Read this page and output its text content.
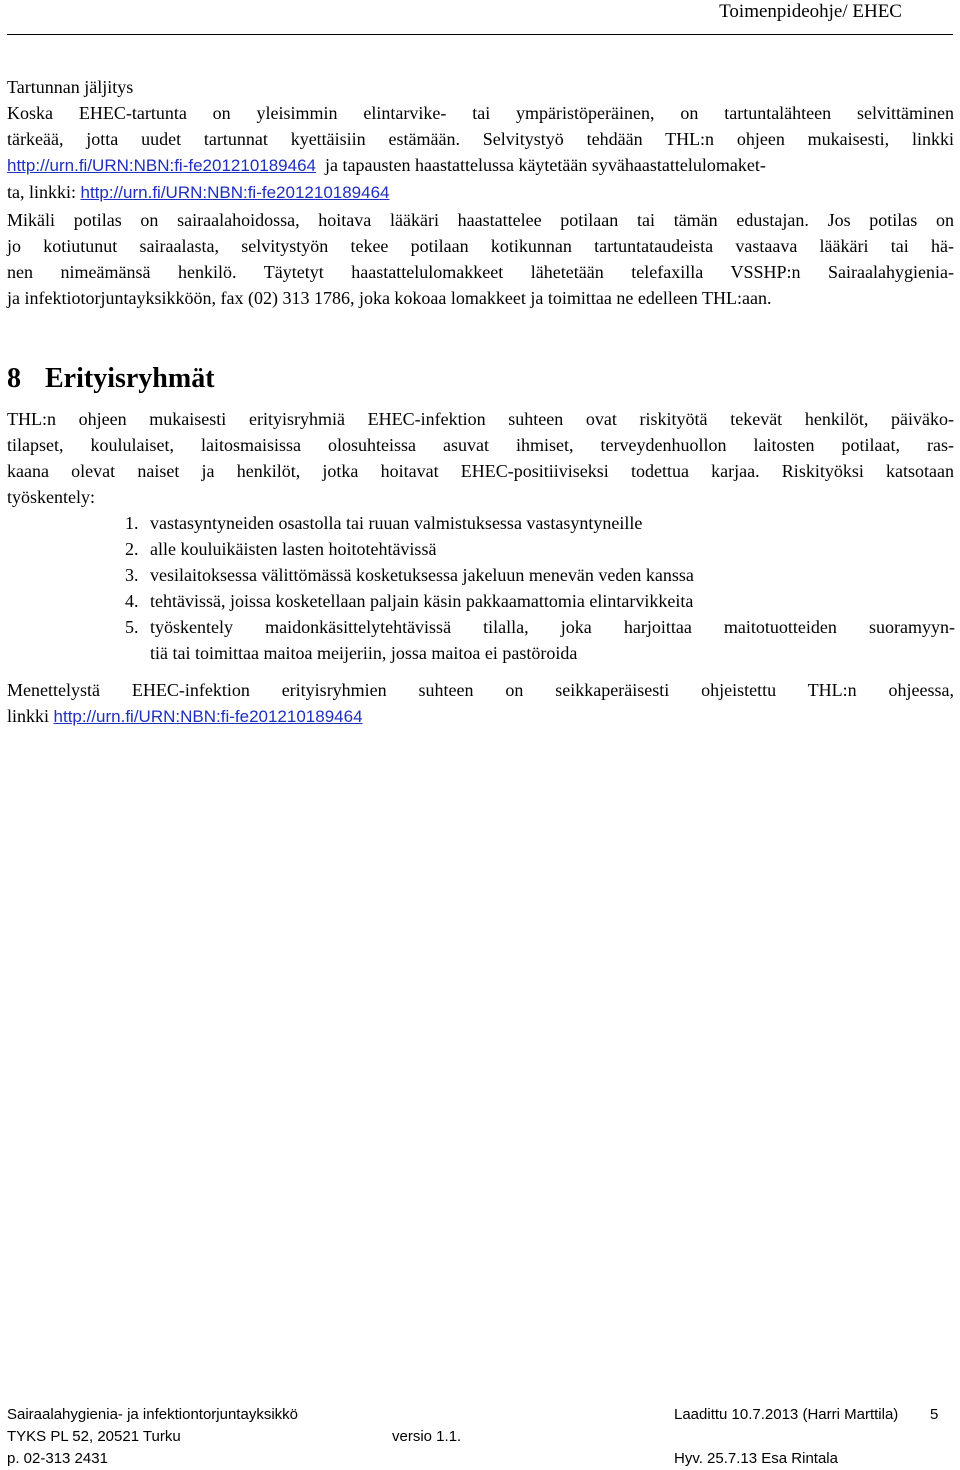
Toimenpideohje/ EHEC
Tartunnan jäljitys
Koska EHEC-tartunta on yleisimmin elintarvike- tai ympäristöperäinen, on tartuntalähteen selvittäminen
tärkeää, jotta uudet tartunnat kyettäisiin estämään. Selvitystyö tehdään THL:n ohjeen mukaisesti, linkki
http://urn.fi/URN:NBN:fi-fe201210189464 ja tapausten haastattelussa käytetään syvähaastattelulomaket-
ta, linkki: http://urn.fi/URN:NBN:fi-fe201210189464
Mikäli potilas on sairaalahoidossa, hoitava lääkäri haastattelee potilaan tai tämän edustajan. Jos potilas on
jo kotiutunut sairaalasta, selvitystyön tekee potilaan kotikunnan tartuntataudeista vastaava lääkäri tai hä-
nen nimeämänsä henkilö. Täytetyt haastattelulomakkeet lähetetään telefaxilla VSSHP:n Sairaalahygienia-
ja infektiotorjuntayksikköön, fax (02) 313 1786, joka kokoaa lomakkeet ja toimittaa ne edelleen THL:aan.
8 Erityisryhmät
THL:n ohjeen mukaisesti erityisryhmiä EHEC-infektion suhteen ovat riskityötä tekevät henkilöt, päiväko-
tilapset, koululaiset, laitosmaisissa olosuhteissa asuvat ihmiset, terveydenhuollon laitosten potilaat, ras-
kaana olevat naiset ja henkilöt, jotka hoitavat EHEC-positiiviseksi todettua karjaa. Riskityöksi katsotaan
työskentely:
1. vastasyntyneiden osastolla tai ruuan valmistuksessa vastasyntyneille
2. alle kouluikäisten lasten hoitotehtävissä
3. vesilaitoksessa välittömässä kosketuksessa jakeluun menevän veden kanssa
4. tehtävissä, joissa kosketellaan paljain käsin pakkaamattomia elintarvikkeita
5. työskentely maidonkäsittelytehtävissä tilalla, joka harjoittaa maitotuotteiden suoramyyn-
tiä tai toimittaa maitoa meijeriin, jossa maitoa ei pastöroida
Menettelystä EHEC-infektion erityisryhmien suhteen on seikkaperäisesti ohjeistettu THL:n ohjeessa,
linkki http://urn.fi/URN:NBN:fi-fe201210189464
Sairaalahygienia- ja infektiontorjuntayksikkö
TYKS PL 52, 20521 Turku
p. 02-313 2431
versio 1.1.
Laadittu 10.7.2013 (Harri Marttila) 5
Hyv. 25.7.13 Esa Rintala
